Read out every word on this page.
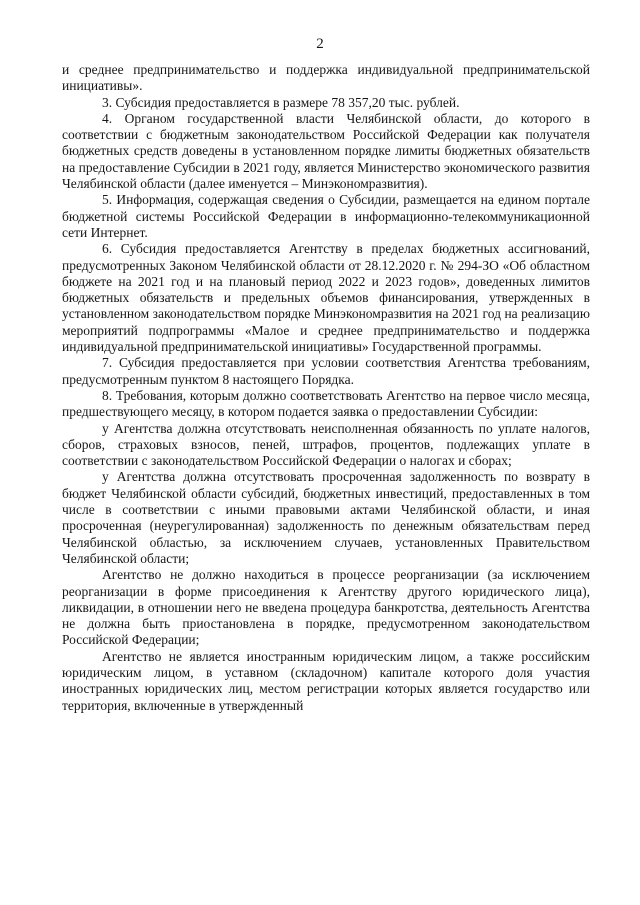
2

и среднее предпринимательство и поддержка индивидуальной предпринимательской инициативы».

3. Субсидия предоставляется в размере 78 357,20 тыс. рублей.

4. Органом государственной власти Челябинской области, до которого в соответствии с бюджетным законодательством Российской Федерации как получателя бюджетных средств доведены в установленном порядке лимиты бюджетных обязательств на предоставление Субсидии в 2021 году, является Министерство экономического развития Челябинской области (далее именуется – Минэкономразвития).

5. Информация, содержащая сведения о Субсидии, размещается на едином портале бюджетной системы Российской Федерации в информационно-телекоммуникационной сети Интернет.

6. Субсидия предоставляется Агентству в пределах бюджетных ассигнований, предусмотренных Законом Челябинской области от 28.12.2020 г. № 294-ЗО «Об областном бюджете на 2021 год и на плановый период 2022 и 2023 годов», доведенных лимитов бюджетных обязательств и предельных объемов финансирования, утвержденных в установленном законодательством порядке Минэкономразвития на 2021 год на реализацию мероприятий подпрограммы «Малое и среднее предпринимательство и поддержка индивидуальной предпринимательской инициативы» Государственной программы.

7. Субсидия предоставляется при условии соответствия Агентства требованиям, предусмотренным пунктом 8 настоящего Порядка.

8. Требования, которым должно соответствовать Агентство на первое число месяца, предшествующего месяцу, в котором подается заявка о предоставлении Субсидии:

у Агентства должна отсутствовать неисполненная обязанность по уплате налогов, сборов, страховых взносов, пеней, штрафов, процентов, подлежащих уплате в соответствии с законодательством Российской Федерации о налогах и сборах;

у Агентства должна отсутствовать просроченная задолженность по возврату в бюджет Челябинской области субсидий, бюджетных инвестиций, предоставленных в том числе в соответствии с иными правовыми актами Челябинской области, и иная просроченная (неурегулированная) задолженность по денежным обязательствам перед Челябинской областью, за исключением случаев, установленных Правительством Челябинской области;

Агентство не должно находиться в процессе реорганизации (за исключением реорганизации в форме присоединения к Агентству другого юридического лица), ликвидации, в отношении него не введена процедура банкротства, деятельность Агентства не должна быть приостановлена в порядке, предусмотренном законодательством Российской Федерации;

Агентство не является иностранным юридическим лицом, а также российским юридическим лицом, в уставном (складочном) капитале которого доля участия иностранных юридических лиц, местом регистрации которых является государство или территория, включенные в утвержденный
